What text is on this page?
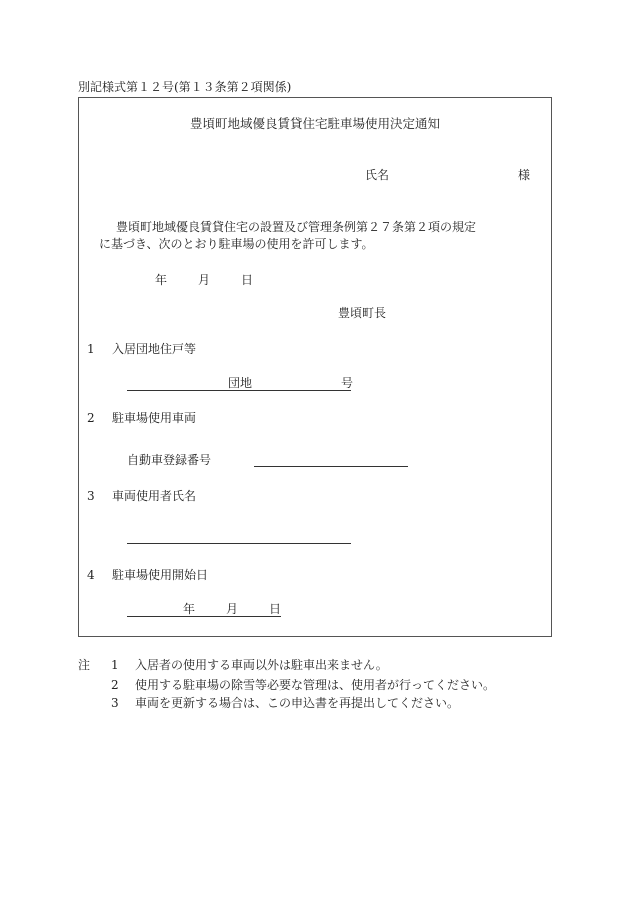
別記様式第１２号(第１３条第２項関係)
豊頃町地域優良賃貸住宅駐車場使用決定通知
氏名	様
豊頃町地域優良賃貸住宅の設置及び管理条例第２７条第２項の規定
に基づき、次のとおり駐車場の使用を許可します。
年	月	日
豊頃町長
1 入居団地住戸等
団地	号
2 駐車場使用車両
自動車登録番号
3 車両使用者氏名
4 駐車場使用開始日
年	月	日
注 1 入居者の使用する車両以外は駐車出来ません。
2 使用する駐車場の除雪等必要な管理は、使用者が行ってください。
3 車両を更新する場合は、この申込書を再提出してください。
